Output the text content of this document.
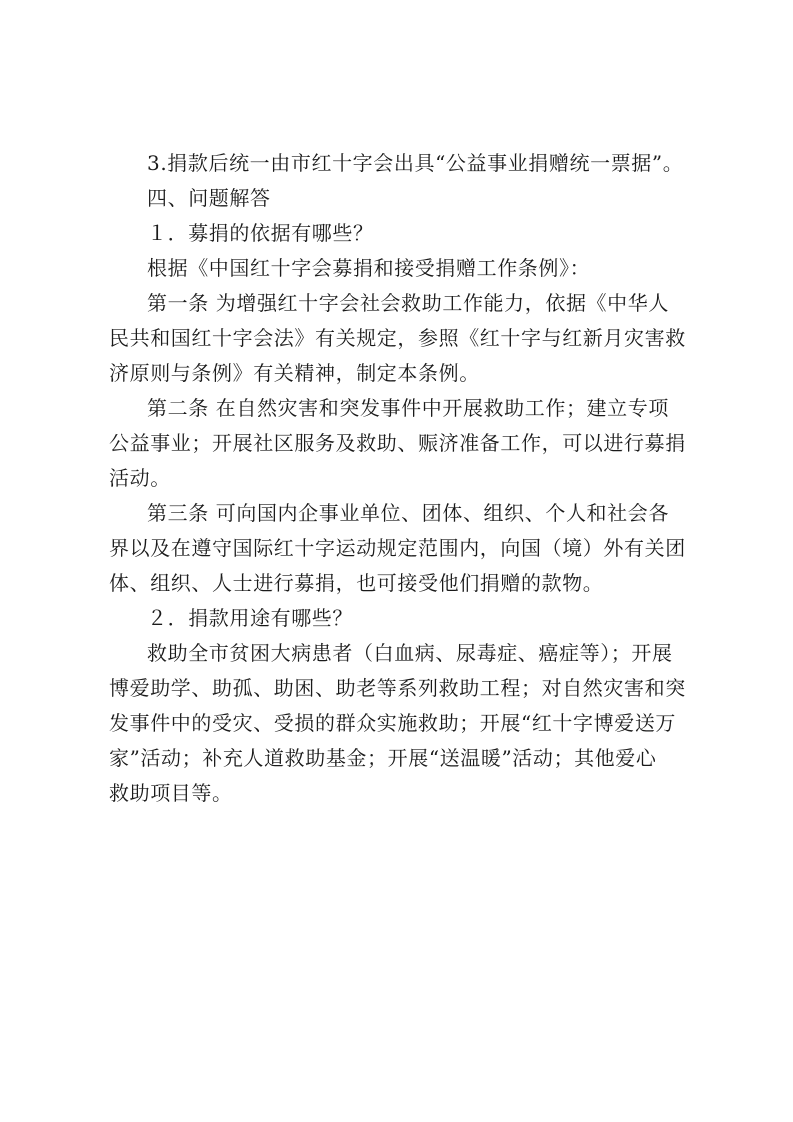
3.捐款后统一由市红十字会出具“公益事业捐赠统一票据”。
四、问题解答
１．募捐的依据有哪些？
根据《中国红十字会募捐和接受捐赠工作条例》：
第一条 为增强红十字会社会救助工作能力，依据《中华人
民共和国红十字会法》有关规定，参照《红十字与红新月灾害救
济原则与条例》有关精神，制定本条例。
第二条 在自然灾害和突发事件中开展救助工作；建立专项
公益事业；开展社区服务及救助、赈济准备工作，可以进行募捐
活动。
第三条 可向国内企事业单位、团体、组织、个人和社会各
界以及在遵守国际红十字运动规定范围内，向国（境）外有关团
体、组织、人士进行募捐，也可接受他们捐赠的款物。
２．捐款用途有哪些？
救助全市贫困大病患者（白血病、尿毒症、癌症等）；开展
博爱助学、助孤、助困、助老等系列救助工程；对自然灾害和突
发事件中的受灾、受损的群众实施救助；开展“红十字博爱送万
家”活动；补充人道救助基金；开展“送温暖”活动；其他爱心
救助项目等。
